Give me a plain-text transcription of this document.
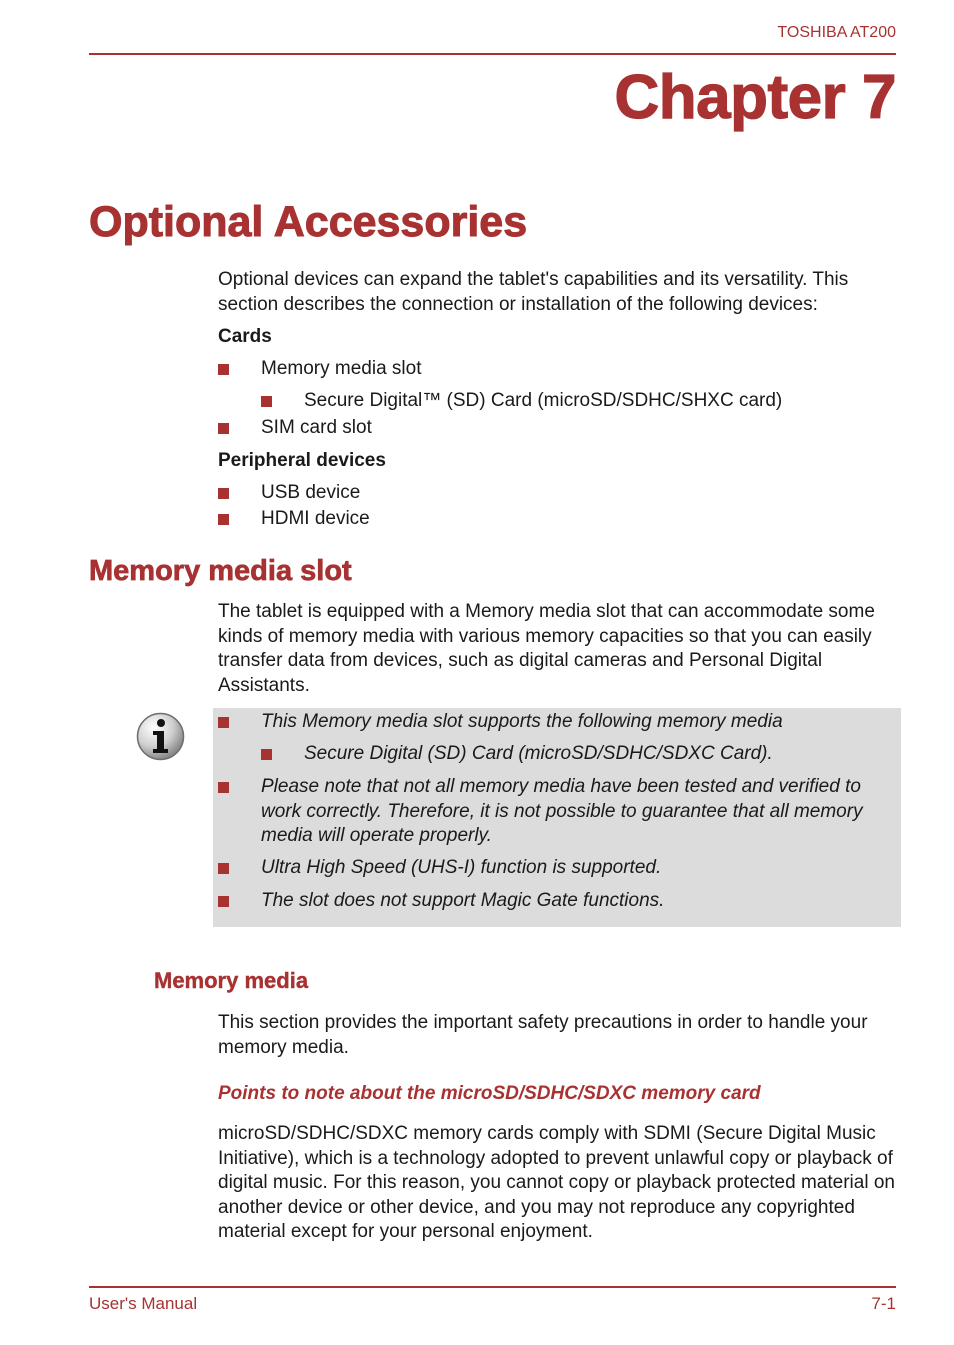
TOSHIBA AT200
Chapter 7
Optional Accessories
Optional devices can expand the tablet's capabilities and its versatility. This section describes the connection or installation of the following devices:
Cards
Memory media slot
Secure Digital™ (SD) Card (microSD/SDHC/SHXC card)
SIM card slot
Peripheral devices
USB device
HDMI device
Memory media slot
The tablet is equipped with a Memory media slot that can accommodate some kinds of memory media with various memory capacities so that you can easily transfer data from devices, such as digital cameras and Personal Digital Assistants.
This Memory media slot supports the following memory media
Secure Digital (SD) Card (microSD/SDHC/SDXC Card).
Please note that not all memory media have been tested and verified to work correctly. Therefore, it is not possible to guarantee that all memory media will operate properly.
Ultra High Speed (UHS-I) function is supported.
The slot does not support Magic Gate functions.
Memory media
This section provides the important safety precautions in order to handle your memory media.
Points to note about the microSD/SDHC/SDXC memory card
microSD/SDHC/SDXC memory cards comply with SDMI (Secure Digital Music Initiative), which is a technology adopted to prevent unlawful copy or playback of digital music. For this reason, you cannot copy or playback protected material on another device or other device, and you may not reproduce any copyrighted material except for your personal enjoyment.
User's Manual	7-1
